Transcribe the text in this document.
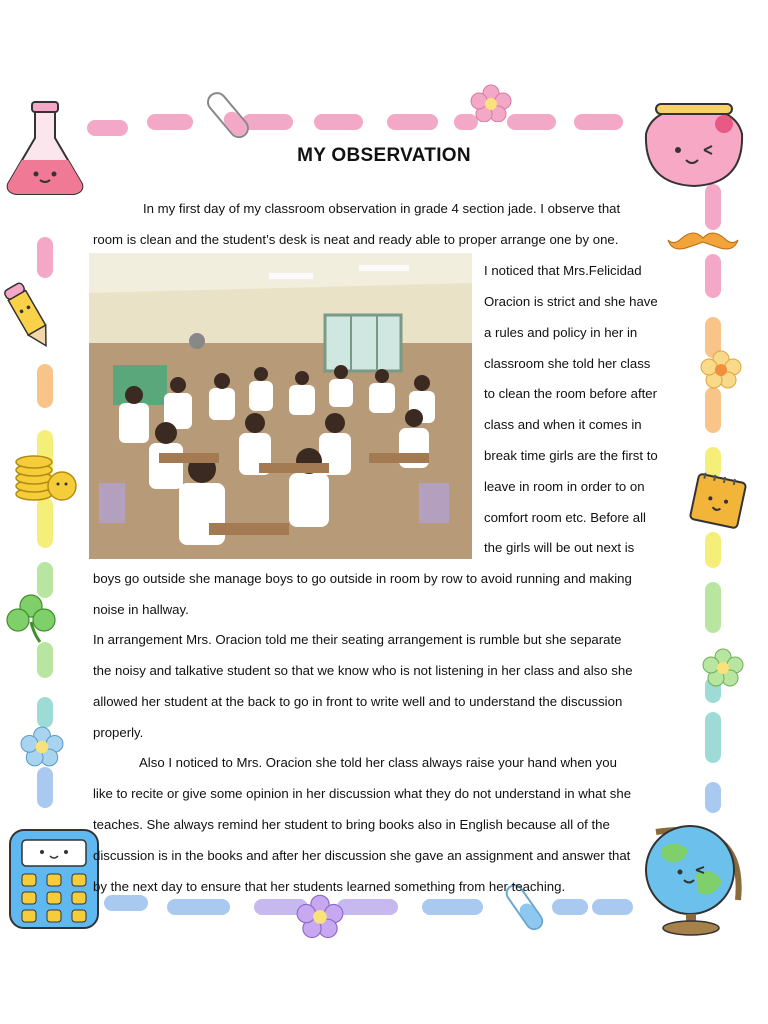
MY OBSERVATION
In my first day of my classroom observation in grade 4 section jade. I observe that
room is clean and the student’s desk is neat and ready able to proper arrange one by one.
I noticed that Mrs.Felicidad
Oracion is strict and she have
a rules and policy in her in
classroom she told her class
to clean the room before after
class and when it comes in
break time girls are the first to
leave in room in order to on
comfort room etc. Before all
the girls will be out next is
boys go outside she manage boys to go outside in room by row to avoid running and making
noise in hallway.
In arrangement Mrs. Oracion told me their seating arrangement is rumble but she separate
the noisy and talkative student so that we know who is not listening in her class and also she
allowed her student at the back to go in front to write well and to understand the discussion
properly.
Also I noticed to Mrs. Oracion she told her class always raise your hand when you
like to recite or give some opinion in her discussion what they do not understand in what she
teaches. She always remind her student to bring books also in English because all of the
discussion is in the books and after her discussion she gave an assignment and answer that
by the next day to ensure that her students learned something from her teaching.
